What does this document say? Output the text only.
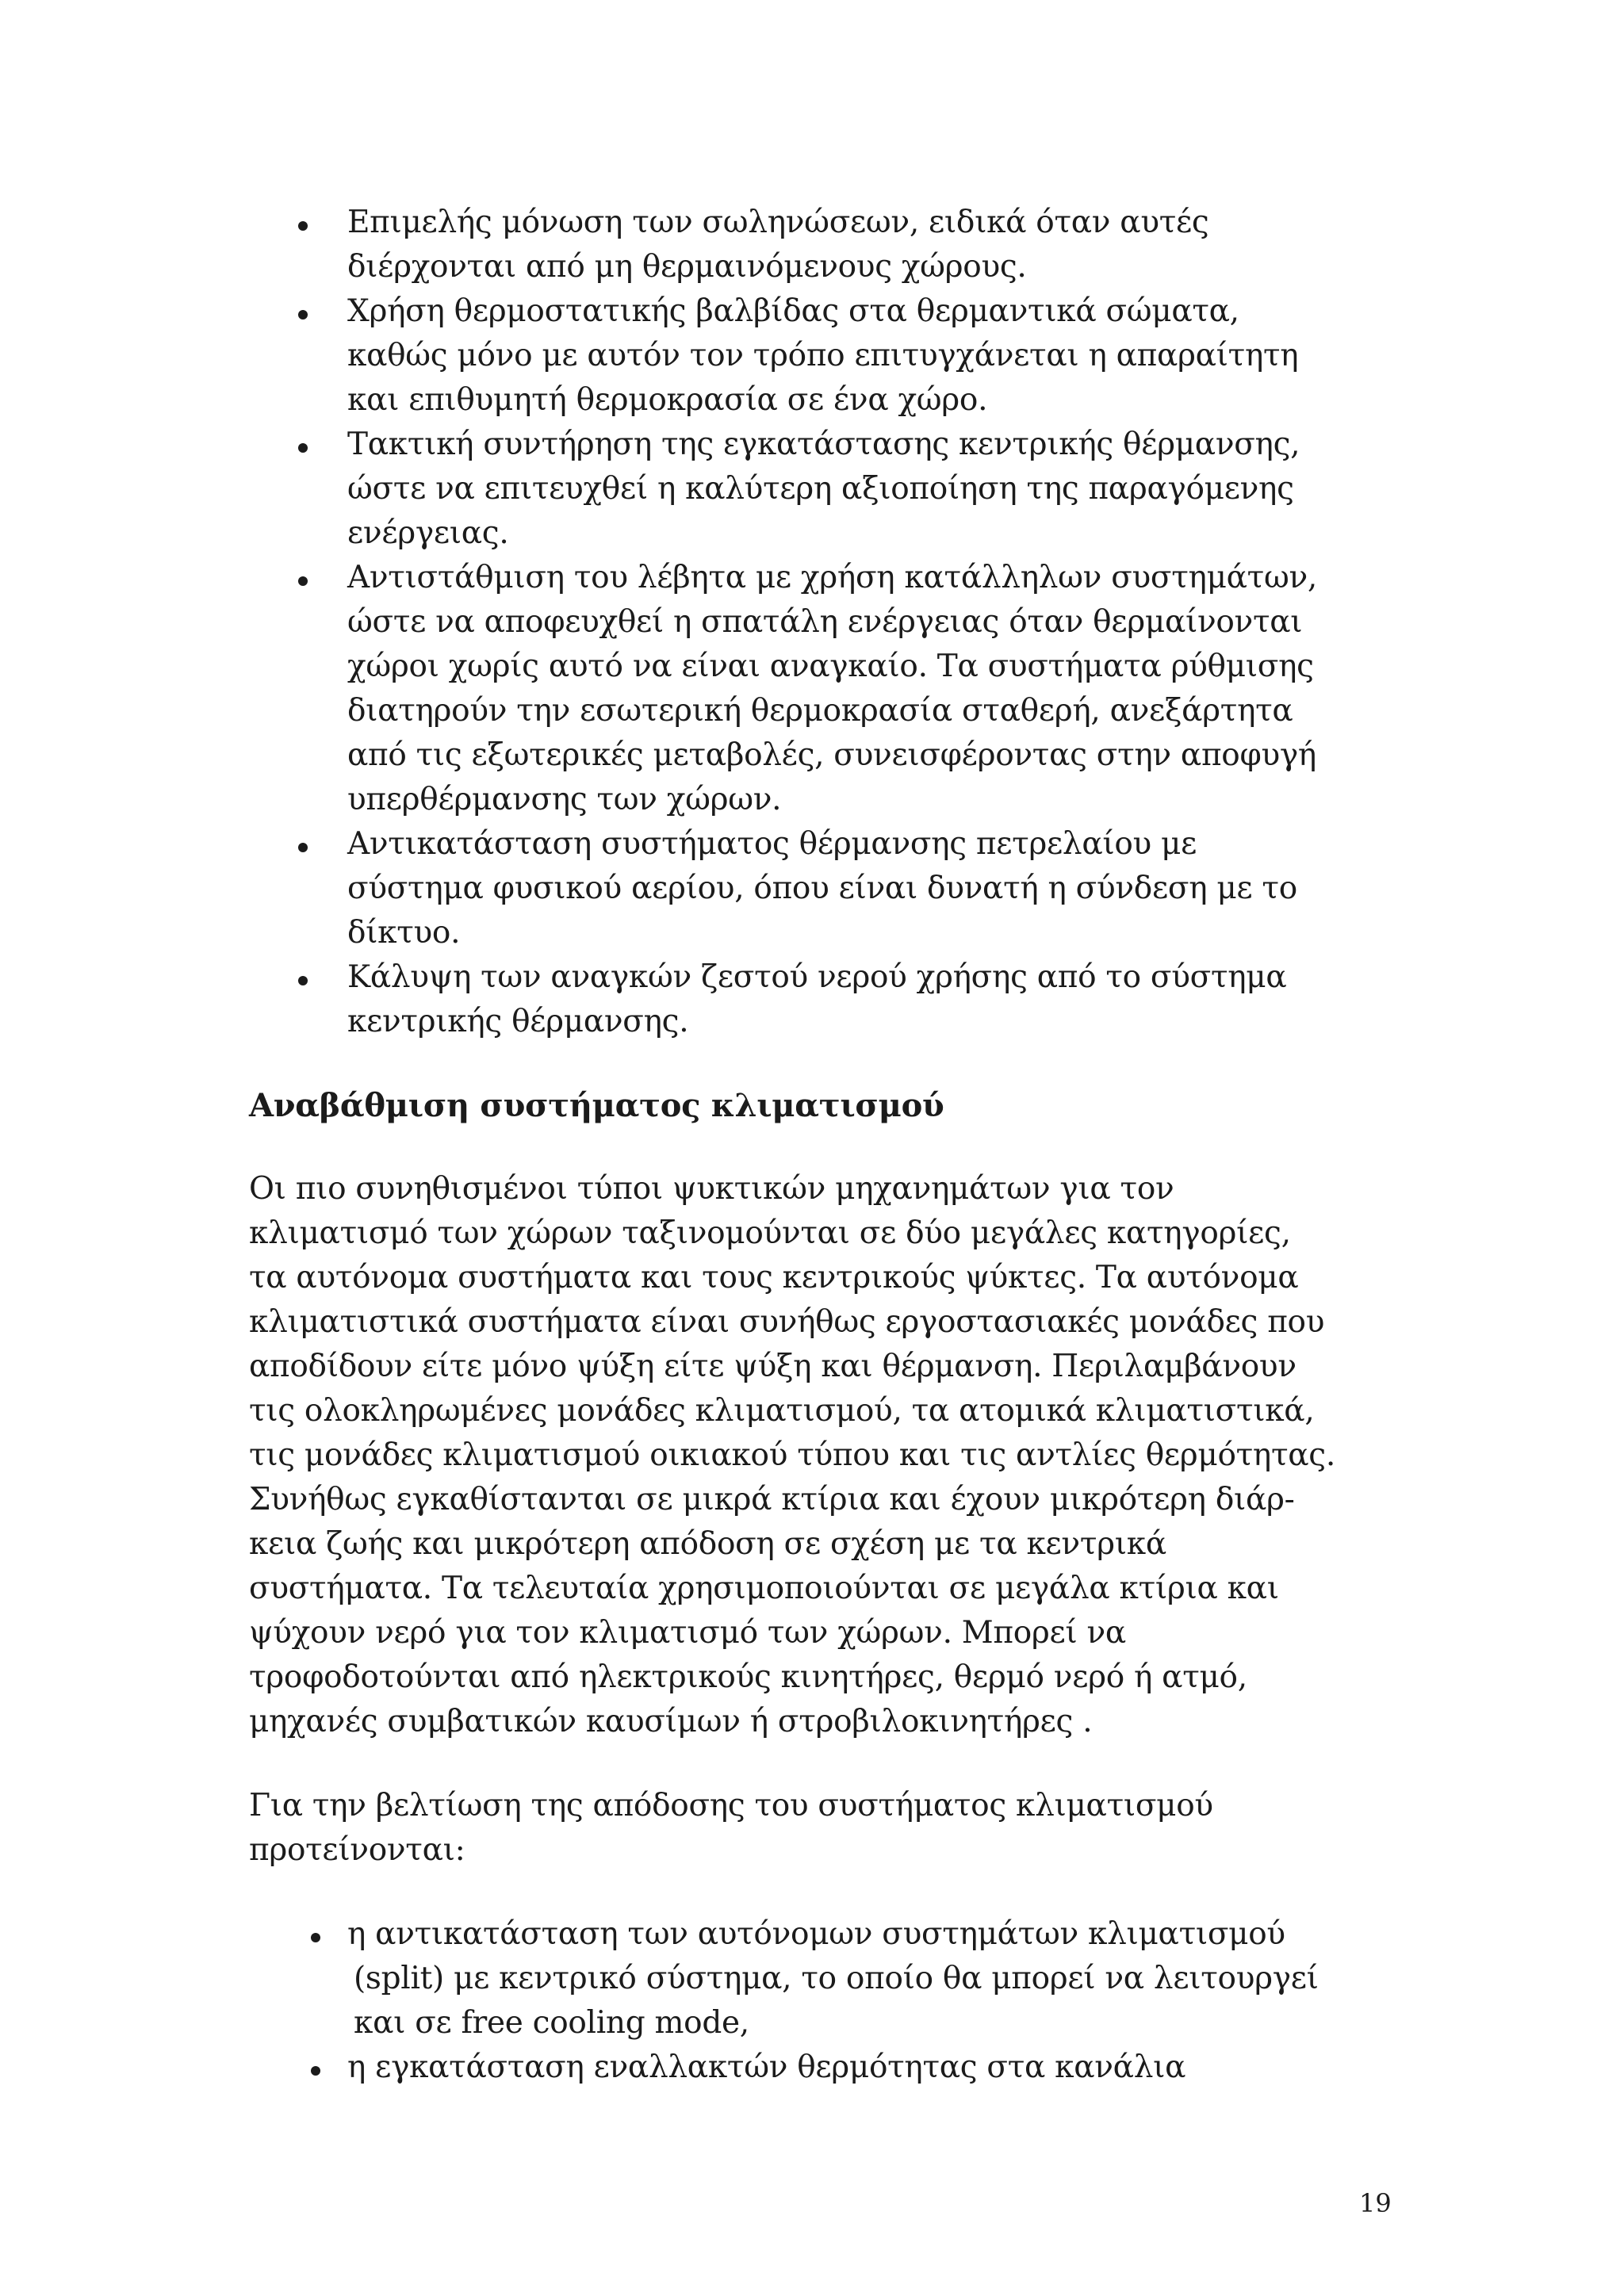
Επιμελής μόνωση των σωληνώσεων, ειδικά όταν αυτές
διέρχονται από μη θερμαινόμενους χώρους.
Χρήση θερμοστατικής βαλβίδας στα θερμαντικά σώματα,
καθώς μόνο με αυτόν τον τρόπο επιτυγχάνεται η απαραίτητη
και επιθυμητή θερμοκρασία σε ένα χώρο.
Τακτική συντήρηση της εγκατάστασης κεντρικής θέρμανσης,
ώστε να επιτευχθεί η καλύτερη αξιοποίηση της παραγόμενης
ενέργειας.
Αντιστάθμιση του λέβητα με χρήση κατάλληλων συστημάτων,
ώστε να αποφευχθεί η σπατάλη ενέργειας όταν θερμαίνονται
χώροι χωρίς αυτό να είναι αναγκαίο. Τα συστήματα ρύθμισης
διατηρούν την εσωτερική θερμοκρασία σταθερή, ανεξάρτητα
από τις εξωτερικές μεταβολές, συνεισφέροντας στην αποφυγή
υπερθέρμανσης των χώρων.
Αντικατάσταση συστήματος θέρμανσης πετρελαίου με
σύστημα φυσικού αερίου, όπου είναι δυνατή η σύνδεση με το
δίκτυο.
Κάλυψη των αναγκών ζεστού νερού χρήσης από το σύστημα
κεντρικής θέρμανσης.
Αναβάθμιση συστήματος κλιματισμού
Οι πιο συνηθισμένοι τύποι ψυκτικών μηχανημάτων για τον
κλιματισμό των χώρων ταξινομούνται σε δύο μεγάλες κατηγορίες,
τα αυτόνομα συστήματα και τους κεντρικούς ψύκτες. Τα αυτόνομα
κλιματιστικά συστήματα είναι συνήθως εργοστασιακές μονάδες που
αποδίδουν είτε μόνο ψύξη είτε ψύξη και θέρμανση. Περιλαμβάνουν
τις ολοκληρωμένες μονάδες κλιματισμού, τα ατομικά κλιματιστικά,
τις μονάδες κλιματισμού οικιακού τύπου και τις αντλίες θερμότητας.
Συνήθως εγκαθίστανται σε μικρά κτίρια και έχουν μικρότερη διάρ-
κεια ζωής και μικρότερη απόδοση σε σχέση με τα κεντρικά
συστήματα. Τα τελευταία χρησιμοποιούνται σε μεγάλα κτίρια και
ψύχουν νερό για τον κλιματισμό των χώρων. Μπορεί να
τροφοδοτούνται από ηλεκτρικούς κινητήρες, θερμό νερό ή ατμό,
μηχανές συμβατικών καυσίμων ή στροβιλοκινητήρες .
Για την βελτίωση της απόδοσης του συστήματος κλιματισμού
προτείνονται:
η αντικατάσταση των αυτόνομων συστημάτων κλιματισμού
(split) με κεντρικό σύστημα, το οποίο θα μπορεί να λειτουργεί
και σε free cooling mode,
η εγκατάσταση εναλλακτών θερμότητας στα κανάλια
19
